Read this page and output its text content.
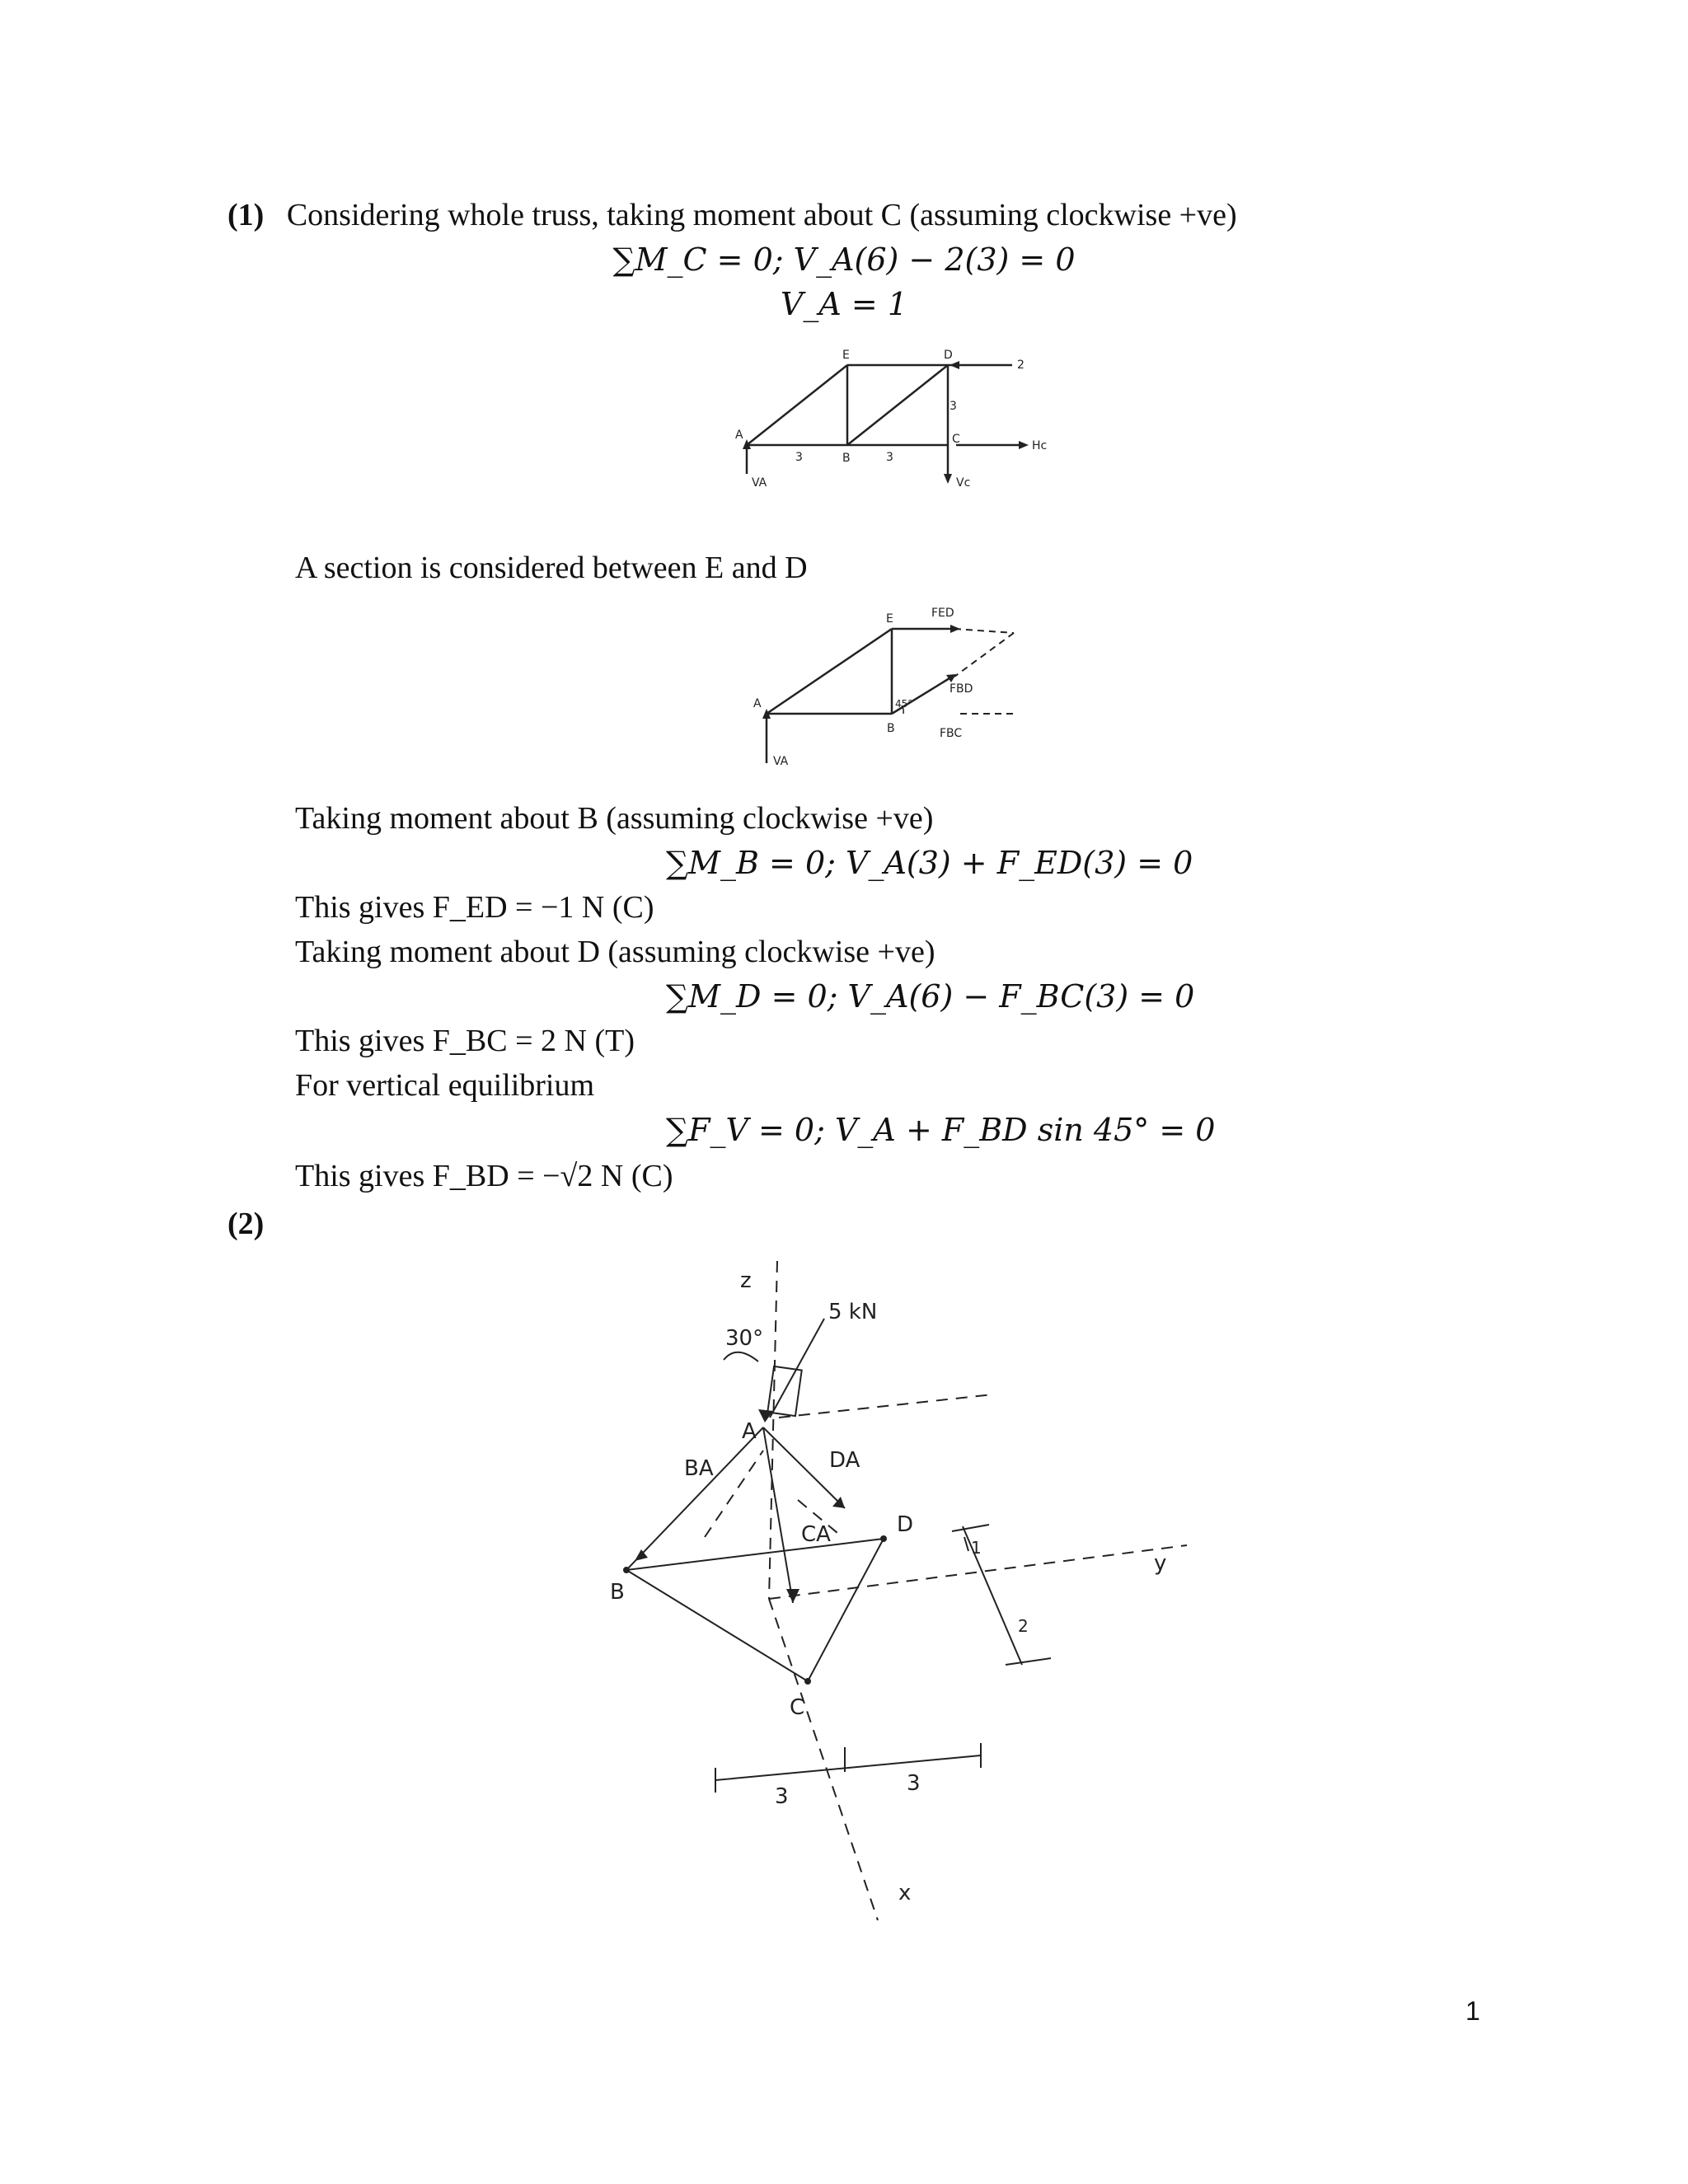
(1) Considering whole truss, taking moment about C (assuming clockwise +ve)
∑M_C = 0; V_A(6) − 2(3) = 0
V_A = 1
A
E	D
B
C
2
3	3
3
Hc
Vc
VA
A section is considered between E and D
A
E
B
FED
FBD
FBC
45°
VA
Taking moment about B (assuming clockwise +ve)
∑M_B = 0; V_A(3) + F_ED(3) = 0
This gives F_ED = −1 N (C)
Taking moment about D (assuming clockwise +ve)
∑M_D = 0; V_A(6) − F_BC(3) = 0
This gives F_BC = 2 N (T)
For vertical equilibrium
∑F_V = 0; V_A + F_BD sin 45° = 0
This gives F_BD = −√2 N (C)
(2)
z
y
x
5 kN
30°
A
B
C
D
BA	DA
CA
1
2
3
3
1
